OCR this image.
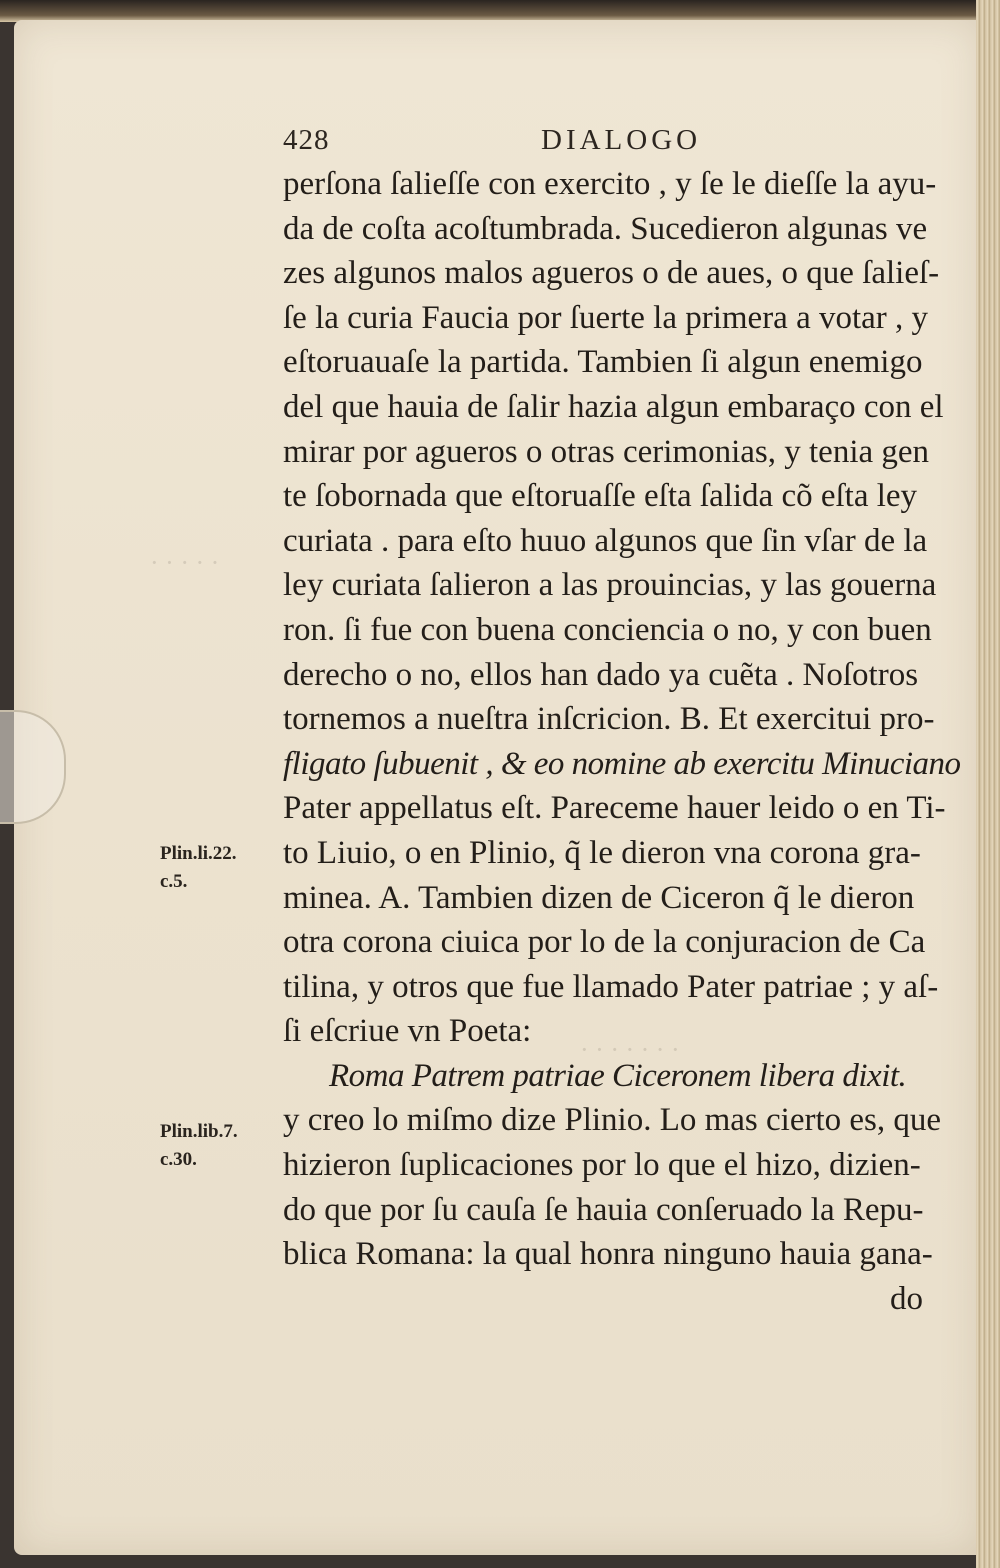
· · · · ·
· · · · · · ·
428	DIALOGO
perſona ſalieſſe con exercito , y ſe le dieſſe la ayu-
da de coſta acoſtumbrada. Sucedieron algunas ve
zes algunos malos agueros o de aues, o que ſalieſ-
ſe la curia Faucia por ſuerte la primera a votar , y
eſtoruauaſe la partida. Tambien ſi algun enemigo
del que hauia de ſalir hazia algun embaraço con el
mirar por agueros o otras cerimonias, y tenia gen
te ſobornada que eſtoruaſſe eſta ſalida cõ eſta ley
curiata . para eſto huuo algunos que ſin vſar de la
ley curiata ſalieron a las prouincias, y las gouerna
ron. ſi fue con buena conciencia o no, y con buen
derecho o no, ellos han dado ya cuẽta . Noſotros
tornemos a nueſtra inſcricion. B. Et exercitui pro-
fligato ſubuenit , & eo nomine ab exercitu Minuciano
Pater appellatus eſt. Pareceme hauer leido o en Ti-
to Liuio, o en Plinio, q̃ le dieron vna corona gra-
minea. A. Tambien dizen de Ciceron q̃ le dieron
otra corona ciuica por lo de la conjuracion de Ca
tilina, y otros que fue llamado Pater patriae ; y aſ-
ſi eſcriue vn Poeta:
Roma Patrem patriae Ciceronem libera dixit.
y creo lo miſmo dize Plinio. Lo mas cierto es, que
hizieron ſuplicaciones por lo que el hizo, dizien-
do que por ſu cauſa ſe hauia conſeruado la Repu-
blica Romana: la qual honra ninguno hauia gana-
do
Plin.li.22.
c.5.
Plin.lib.7.
c.30.
